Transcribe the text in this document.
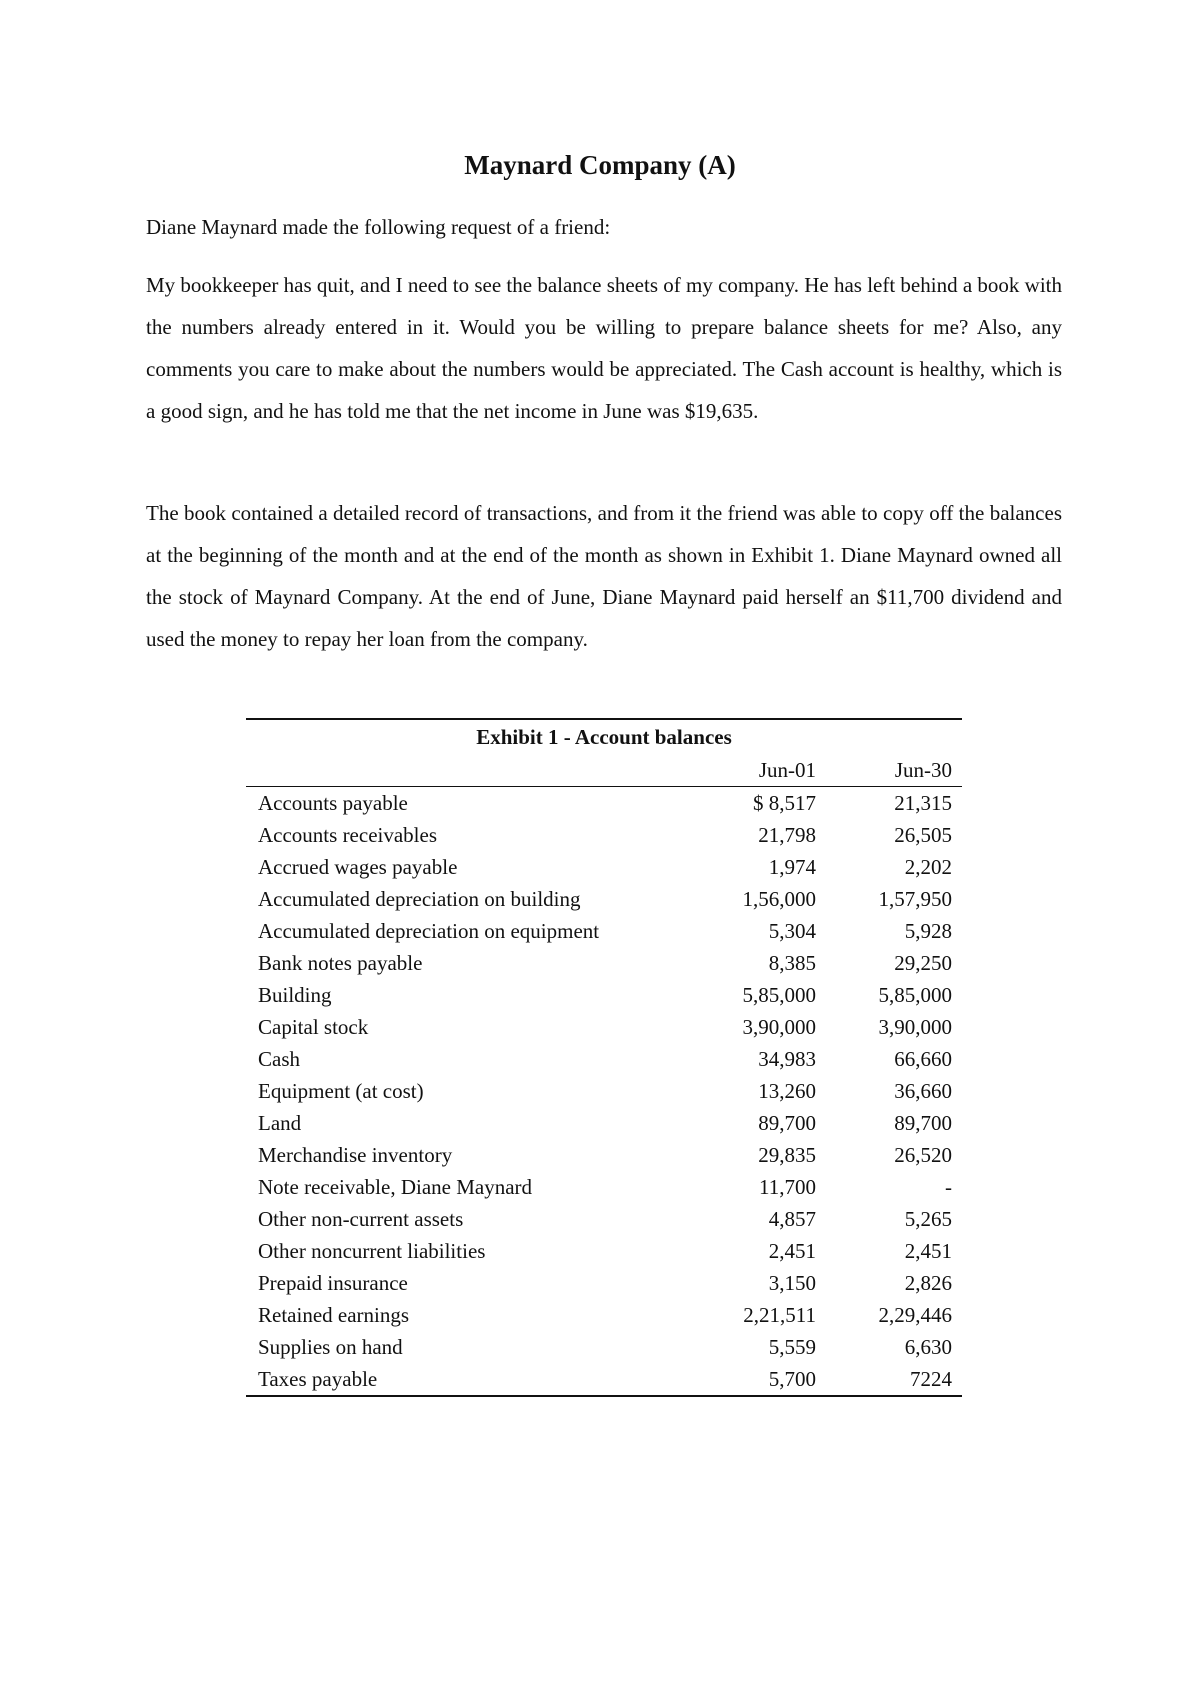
Maynard Company (A)

Diane Maynard made the following request of a friend:

My bookkeeper has quit, and I need to see the balance sheets of my company. He has left behind a book with the numbers already entered in it. Would you be willing to prepare balance sheets for me? Also, any comments you care to make about the numbers would be appreciated. The Cash account is healthy, which is a good sign, and he has told me that the net income in June was $19,635.

The book contained a detailed record of transactions, and from it the friend was able to copy off the balances at the beginning of the month and at the end of the month as shown in Exhibit 1. Diane Maynard owned all the stock of Maynard Company. At the end of June, Diane Maynard paid herself an $11,700 dividend and used the money to repay her loan from the company.

Exhibit 1 - Account balances		
	Jun-01	Jun-30
Accounts payable	$ 8,517	21,315
Accounts receivables	21,798	26,505
Accrued wages payable	1,974	2,202
Accumulated depreciation on building	1,56,000	1,57,950
Accumulated depreciation on equipment	5,304	5,928
Bank notes payable	8,385	29,250
Building	5,85,000	5,85,000
Capital stock	3,90,000	3,90,000
Cash	34,983	66,660
Equipment (at cost)	13,260	36,660
Land	89,700	89,700
Merchandise inventory	29,835	26,520
Note receivable, Diane Maynard	11,700	-
Other non-current assets	4,857	5,265
Other noncurrent liabilities	2,451	2,451
Prepaid insurance	3,150	2,826
Retained earnings	2,21,511	2,29,446
Supplies on hand	5,559	6,630
Taxes payable	5,700	7224
